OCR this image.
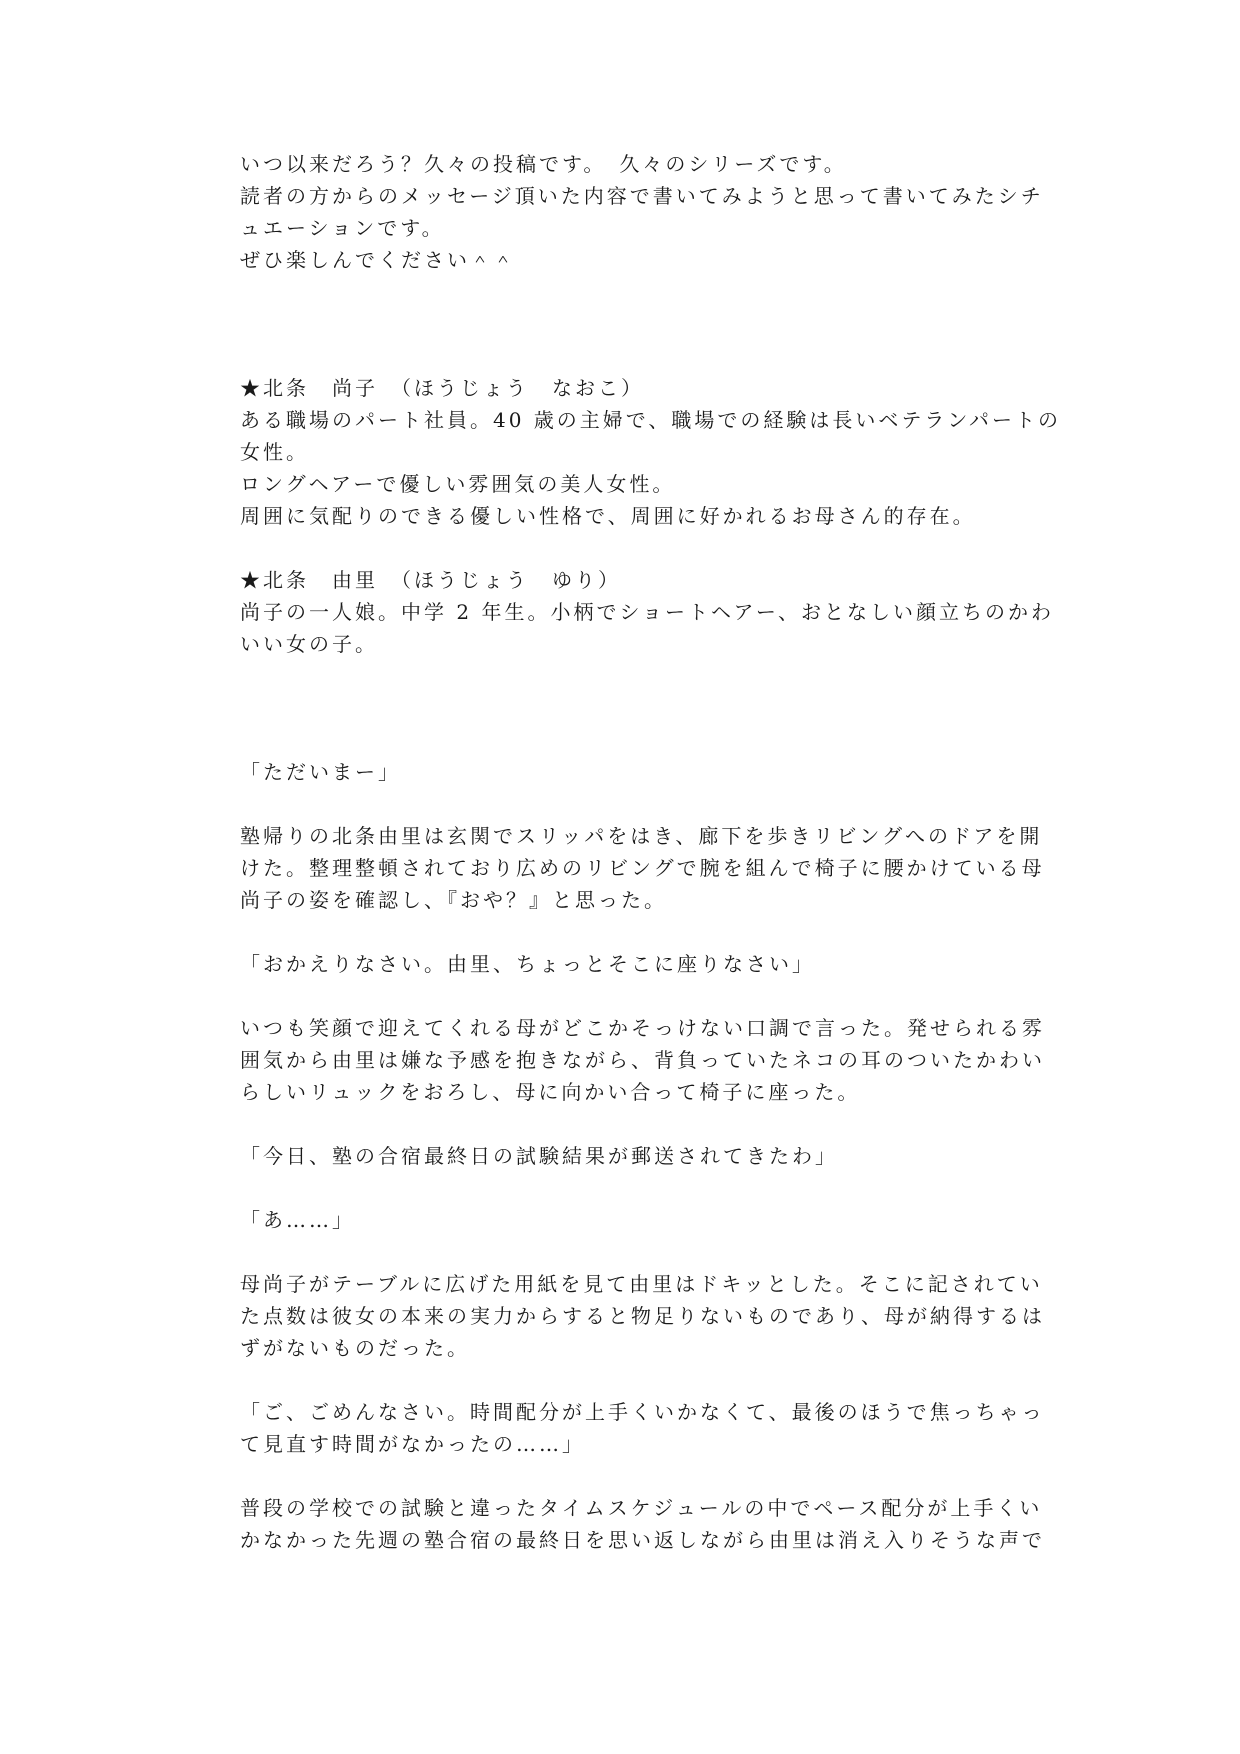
いつ以来だろう？久々の投稿です。　久々のシリーズです。
読者の方からのメッセージ頂いた内容で書いてみようと思って書いてみたシチ
ュエーションです。
ぜひ楽しんでください＾＾
★北条　尚子　（ほうじょう　なおこ）
ある職場のパート社員。40 歳の主婦で、職場での経験は長いベテランパートの
女性。
ロングヘアーで優しい雰囲気の美人女性。
周囲に気配りのできる優しい性格で、周囲に好かれるお母さん的存在。
★北条　由里　（ほうじょう　ゆり）
尚子の一人娘。中学 2 年生。小柄でショートヘアー、おとなしい顔立ちのかわ
いい女の子。
「ただいまー」
塾帰りの北条由里は玄関でスリッパをはき、廊下を歩きリビングへのドアを開
けた。整理整頓されており広めのリビングで腕を組んで椅子に腰かけている母
尚子の姿を確認し、『おや？』と思った。
「おかえりなさい。由里、ちょっとそこに座りなさい」
いつも笑顔で迎えてくれる母がどこかそっけない口調で言った。発せられる雰
囲気から由里は嫌な予感を抱きながら、背負っていたネコの耳のついたかわい
らしいリュックをおろし、母に向かい合って椅子に座った。
「今日、塾の合宿最終日の試験結果が郵送されてきたわ」
「あ……」
母尚子がテーブルに広げた用紙を見て由里はドキッとした。そこに記されてい
た点数は彼女の本来の実力からすると物足りないものであり、母が納得するは
ずがないものだった。
「ご、ごめんなさい。時間配分が上手くいかなくて、最後のほうで焦っちゃっ
て見直す時間がなかったの……」
普段の学校での試験と違ったタイムスケジュールの中でペース配分が上手くい
かなかった先週の塾合宿の最終日を思い返しながら由里は消え入りそうな声で
